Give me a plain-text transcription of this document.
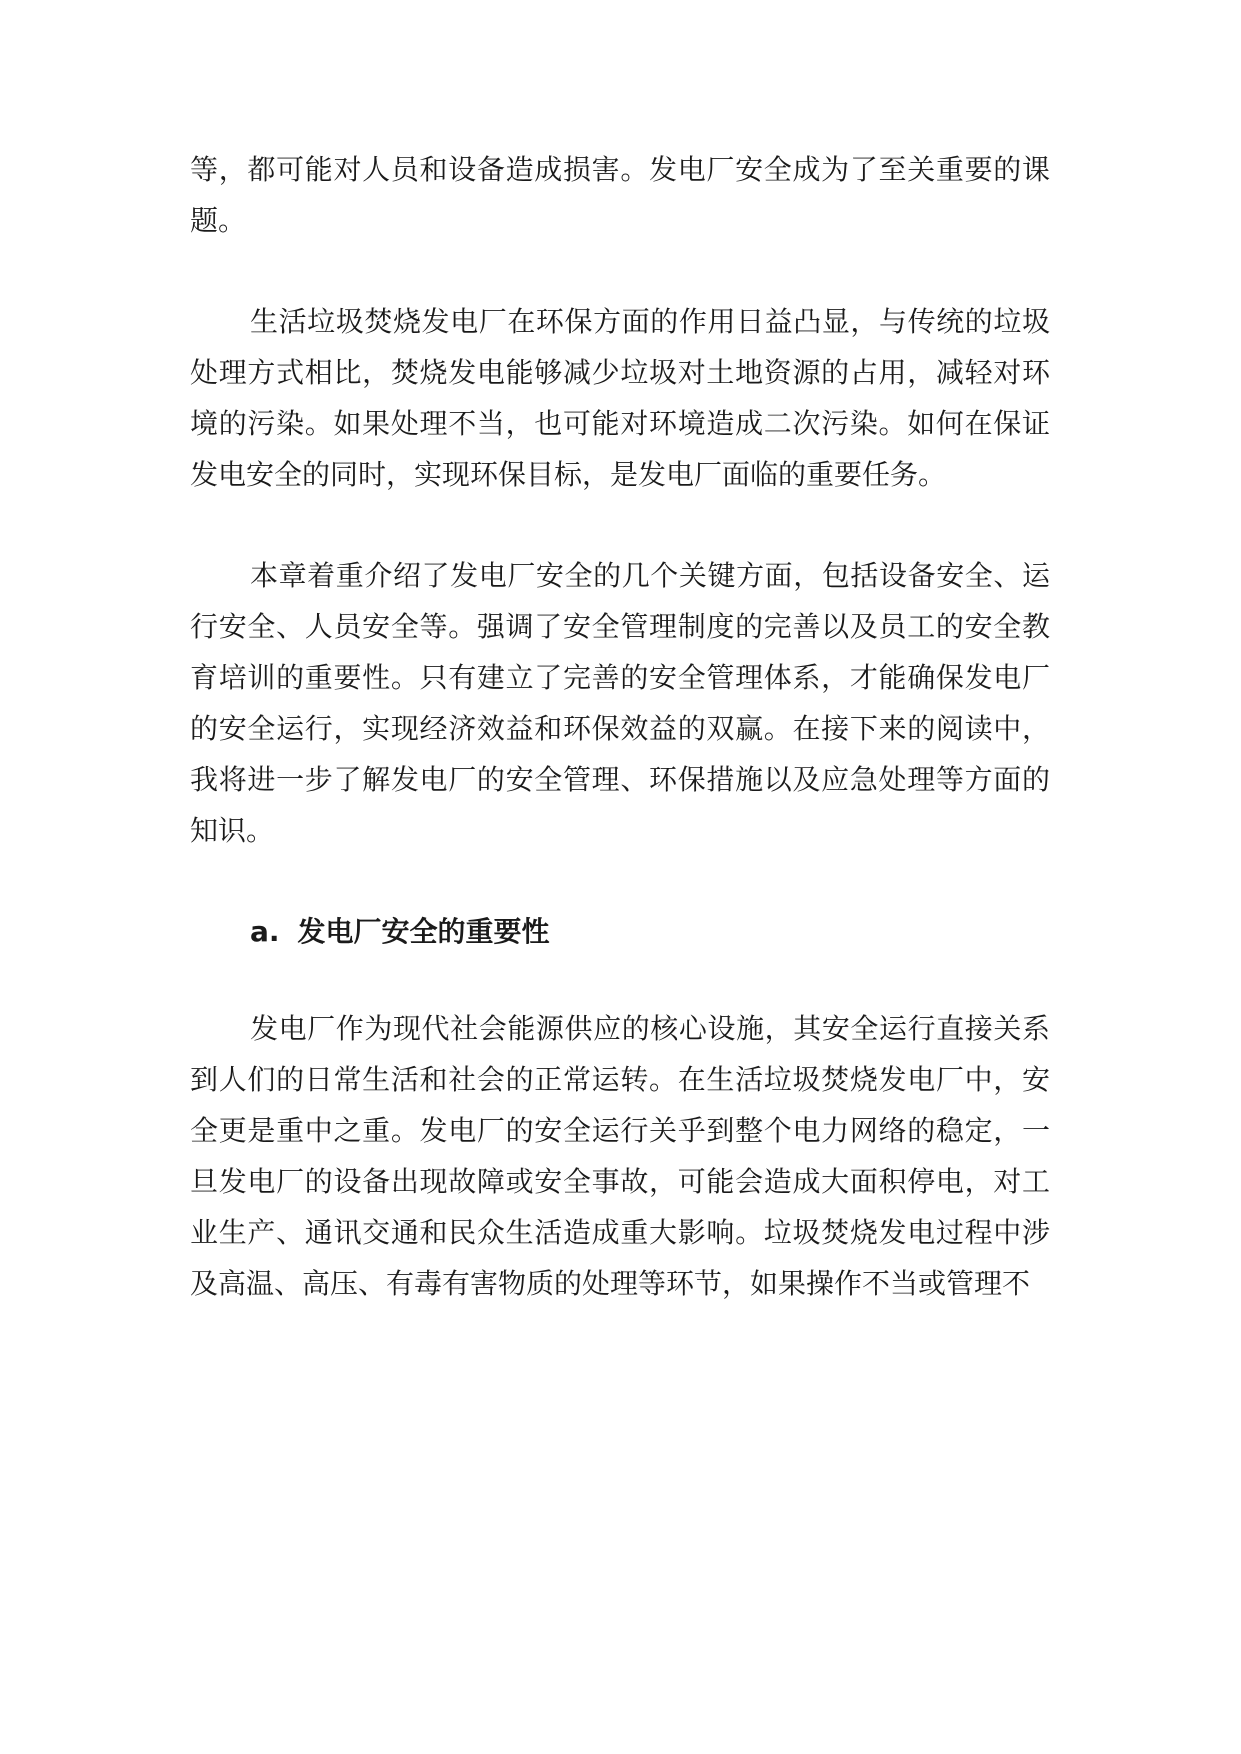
等，都可能对人员和设备造成损害。发电厂安全成为了至关重要的课题。

生活垃圾焚烧发电厂在环保方面的作用日益凸显，与传统的垃圾处理方式相比，焚烧发电能够减少垃圾对土地资源的占用，减轻对环境的污染。如果处理不当，也可能对环境造成二次污染。如何在保证发电安全的同时，实现环保目标，是发电厂面临的重要任务。

本章着重介绍了发电厂安全的几个关键方面，包括设备安全、运行安全、人员安全等。强调了安全管理制度的完善以及员工的安全教育培训的重要性。只有建立了完善的安全管理体系，才能确保发电厂的安全运行，实现经济效益和环保效益的双赢。在接下来的阅读中，我将进一步了解发电厂的安全管理、环保措施以及应急处理等方面的知识。

a. 发电厂安全的重要性

发电厂作为现代社会能源供应的核心设施，其安全运行直接关系到人们的日常生活和社会的正常运转。在生活垃圾焚烧发电厂中，安全更是重中之重。发电厂的安全运行关乎到整个电力网络的稳定，一旦发电厂的设备出现故障或安全事故，可能会造成大面积停电，对工业生产、通讯交通和民众生活造成重大影响。垃圾焚烧发电过程中涉及高温、高压、有毒有害物质的处理等环节，如果操作不当或管理不
